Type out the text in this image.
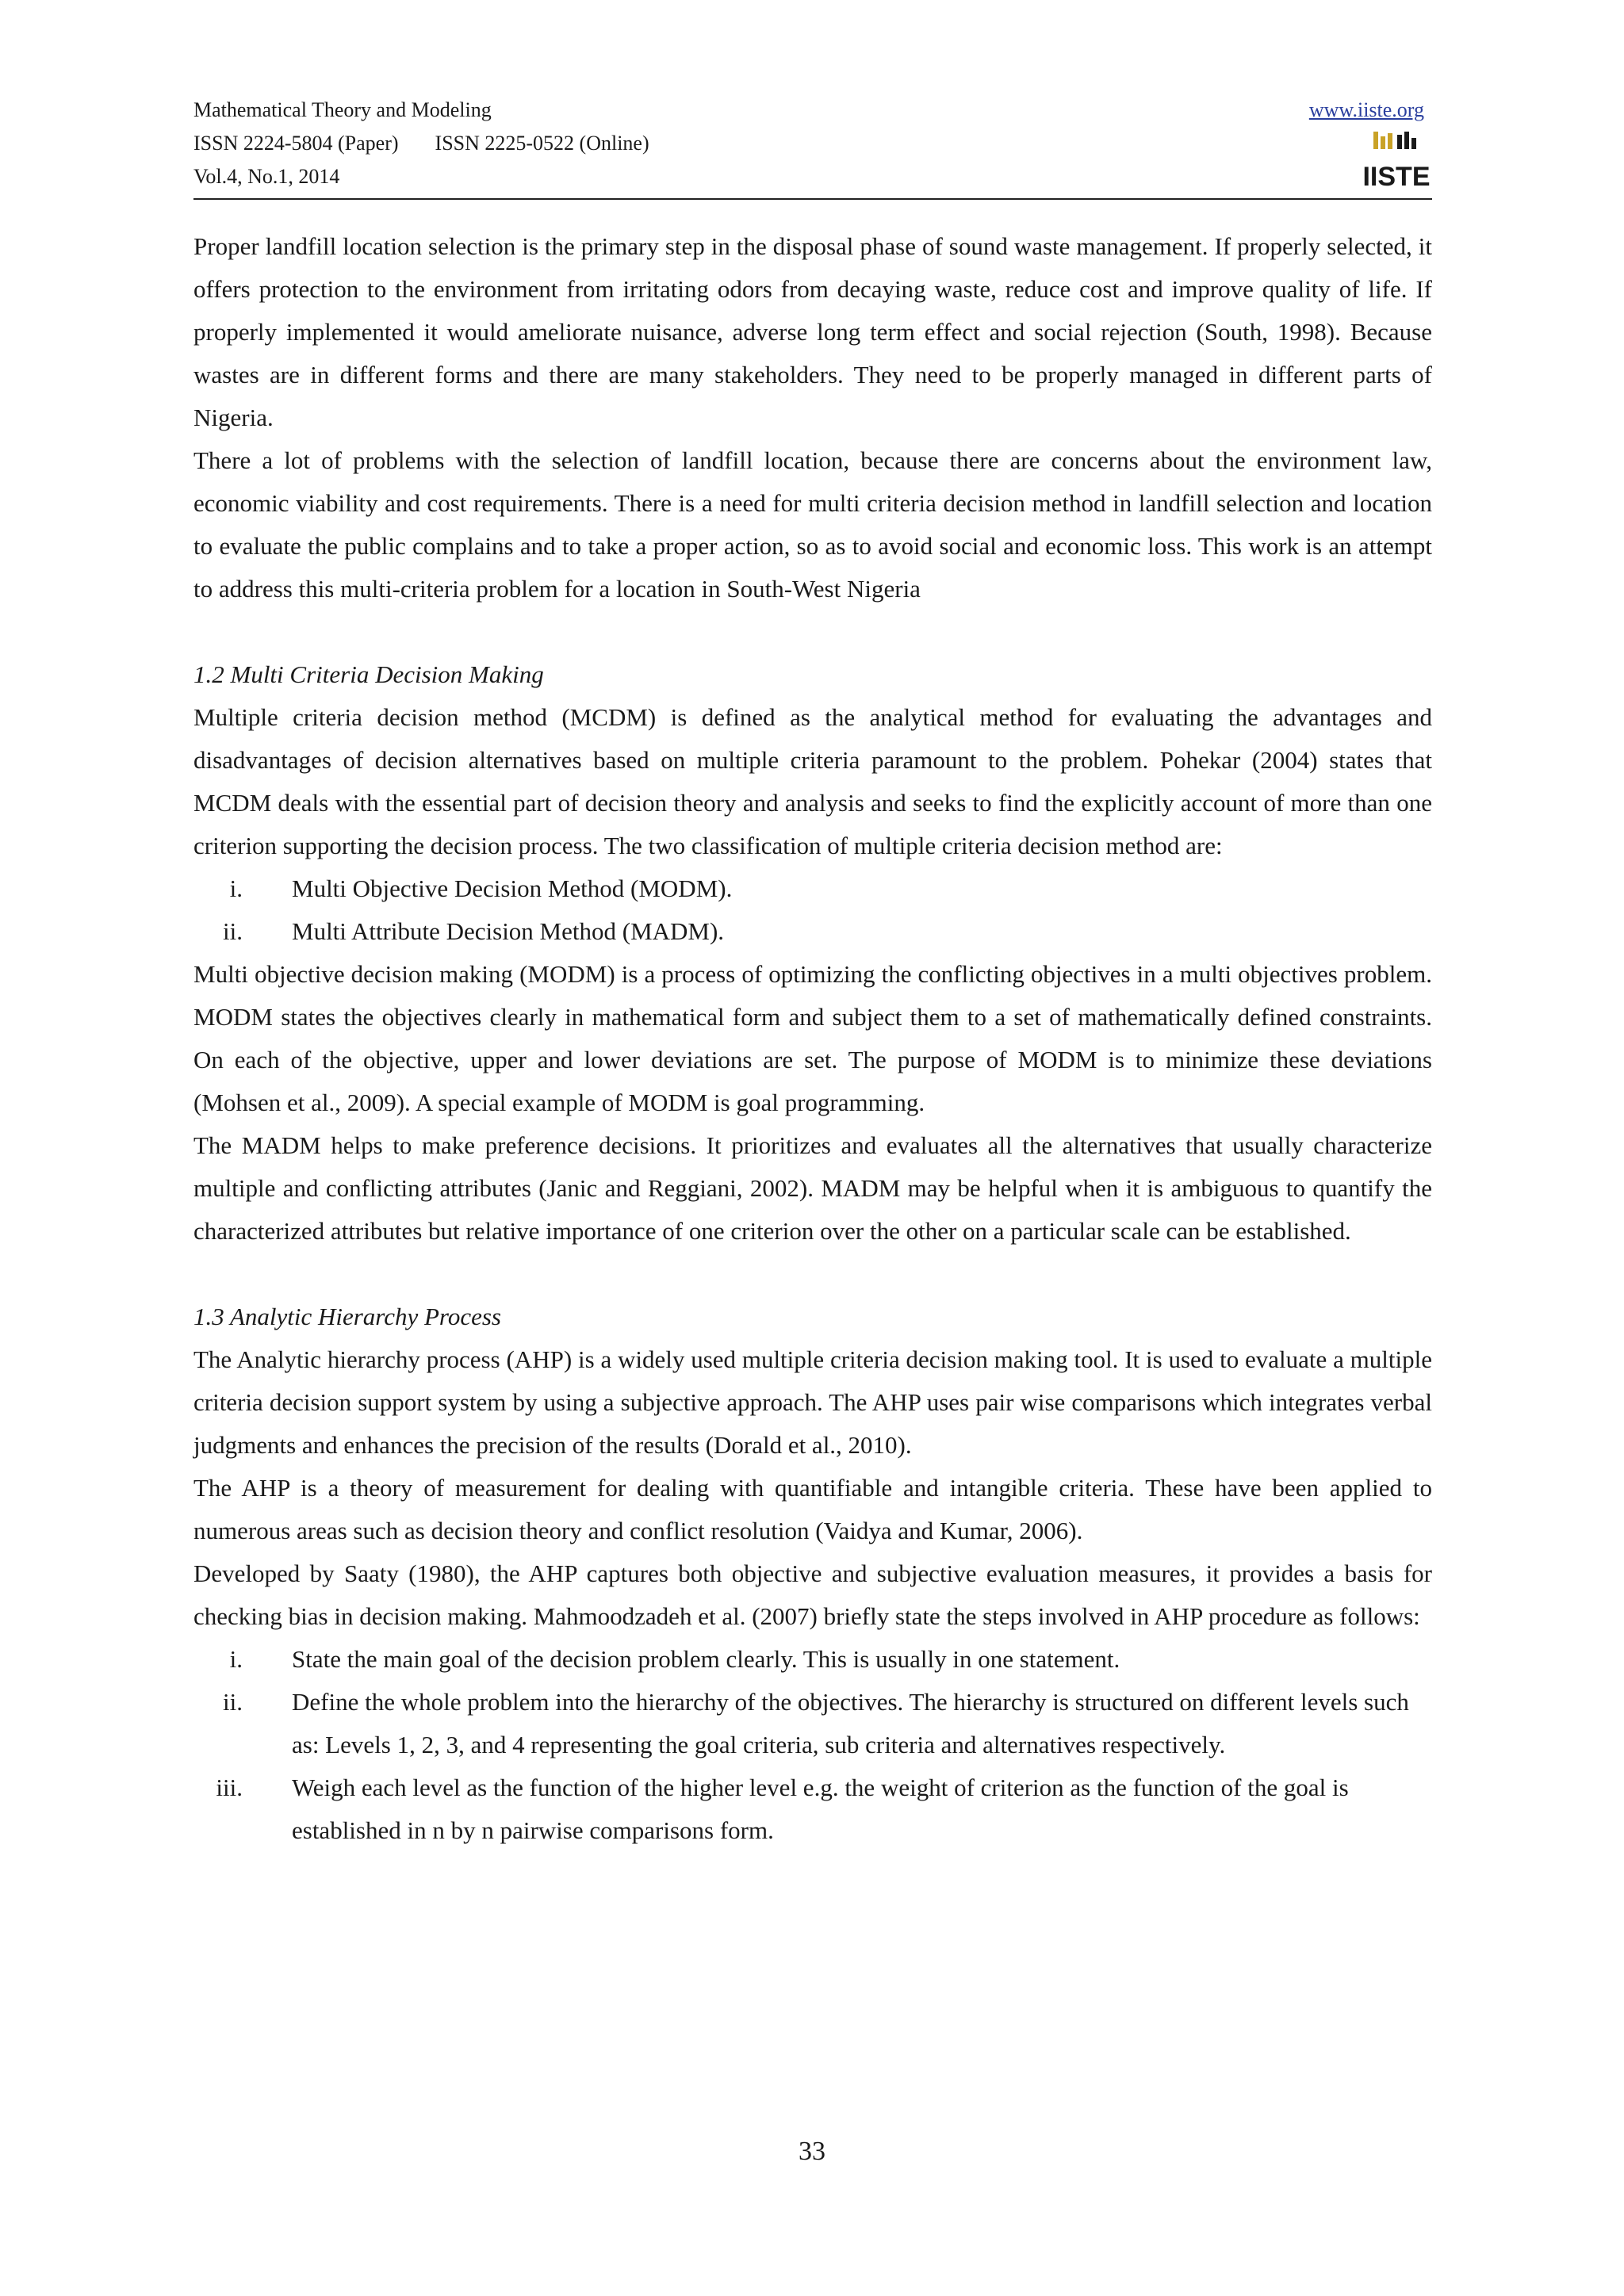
Mathematical Theory and Modeling
ISSN 2224-5804 (Paper) ISSN 2225-0522 (Online)
Vol.4, No.1, 2014
www.iiste.org
IISTE

Proper landfill location selection is the primary step in the disposal phase of sound waste management. If properly selected, it offers protection to the environment from irritating odors from decaying waste, reduce cost and improve quality of life. If properly implemented it would ameliorate nuisance, adverse long term effect and social rejection (South, 1998). Because wastes are in different forms and there are many stakeholders. They need to be properly managed in different parts of Nigeria.

There a lot of problems with the selection of landfill location, because there are concerns about the environment law, economic viability and cost requirements. There is a need for multi criteria decision method in landfill selection and location to evaluate the public complains and to take a proper action, so as to avoid social and economic loss. This work is an attempt to address this multi-criteria problem for a location in South-West Nigeria

1.2 Multi Criteria Decision Making

Multiple criteria decision method (MCDM) is defined as the analytical method for evaluating the advantages and disadvantages of decision alternatives based on multiple criteria paramount to the problem. Pohekar (2004) states that MCDM deals with the essential part of decision theory and analysis and seeks to find the explicitly account of more than one criterion supporting the decision process. The two classification of multiple criteria decision method are:

i. Multi Objective Decision Method (MODM).
ii. Multi Attribute Decision Method (MADM).

Multi objective decision making (MODM) is a process of optimizing the conflicting objectives in a multi objectives problem. MODM states the objectives clearly in mathematical form and subject them to a set of mathematically defined constraints. On each of the objective, upper and lower deviations are set. The purpose of MODM is to minimize these deviations (Mohsen et al., 2009). A special example of MODM is goal programming.

The MADM helps to make preference decisions. It prioritizes and evaluates all the alternatives that usually characterize multiple and conflicting attributes (Janic and Reggiani, 2002). MADM may be helpful when it is ambiguous to quantify the characterized attributes but relative importance of one criterion over the other on a particular scale can be established.

1.3 Analytic Hierarchy Process

The Analytic hierarchy process (AHP) is a widely used multiple criteria decision making tool. It is used to evaluate a multiple criteria decision support system by using a subjective approach. The AHP uses pair wise comparisons which integrates verbal judgments and enhances the precision of the results (Dorald et al., 2010).

The AHP is a theory of measurement for dealing with quantifiable and intangible criteria. These have been applied to numerous areas such as decision theory and conflict resolution (Vaidya and Kumar, 2006).

Developed by Saaty (1980), the AHP captures both objective and subjective evaluation measures, it provides a basis for checking bias in decision making. Mahmoodzadeh et al. (2007) briefly state the steps involved in AHP procedure as follows:

i. State the main goal of the decision problem clearly. This is usually in one statement.
ii. Define the whole problem into the hierarchy of the objectives. The hierarchy is structured on different levels such as: Levels 1, 2, 3, and 4 representing the goal criteria, sub criteria and alternatives respectively.
iii. Weigh each level as the function of the higher level e.g. the weight of criterion as the function of the goal is established in n by n pairwise comparisons form.
33
